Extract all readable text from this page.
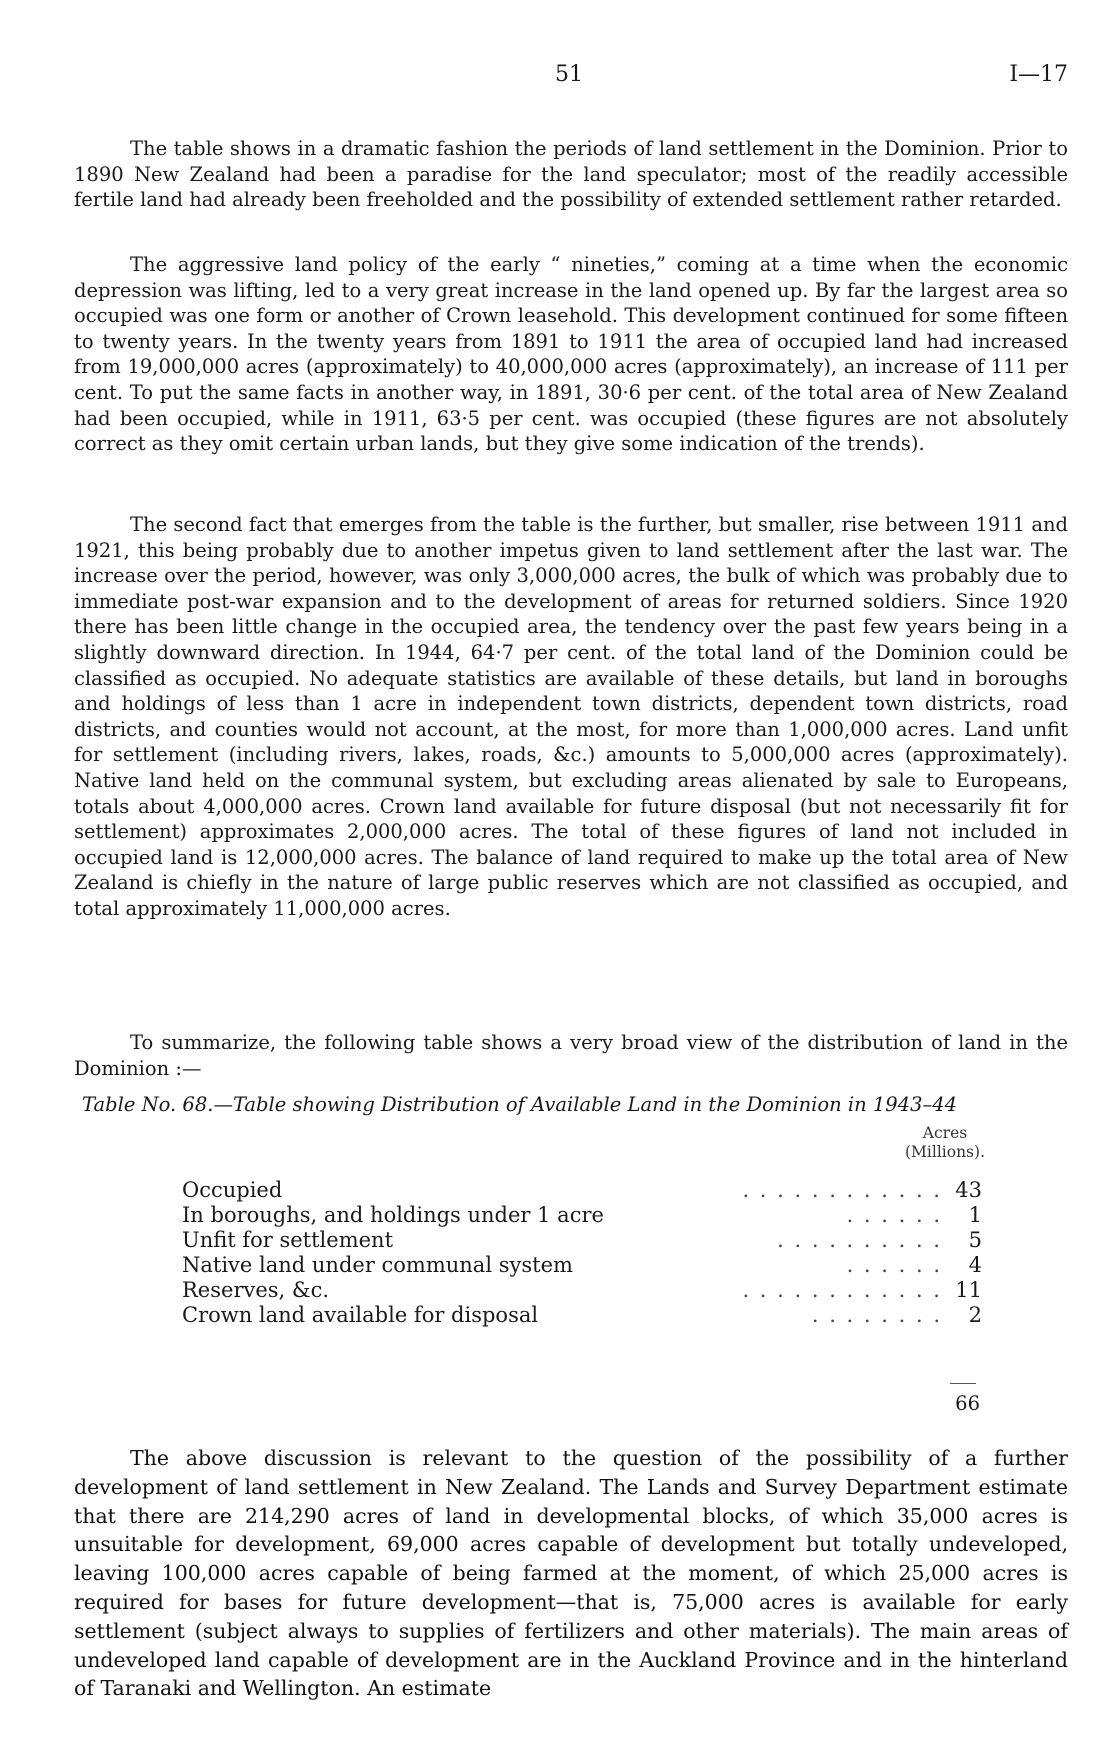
51	I—17

The table shows in a dramatic fashion the periods of land settlement in the Dominion. Prior to 1890 New Zealand had been a paradise for the land speculator; most of the readily accessible fertile land had already been freeholded and the possibility of extended settlement rather retarded.

The aggressive land policy of the early “ nineties,” coming at a time when the economic depression was lifting, led to a very great increase in the land opened up. By far the largest area so occupied was one form or another of Crown leasehold. This development continued for some fifteen to twenty years. In the twenty years from 1891 to 1911 the area of occupied land had increased from 19,000,000 acres (approximately) to 40,000,000 acres (approximately), an increase of 111 per cent. To put the same facts in another way, in 1891, 30·6 per cent. of the total area of New Zealand had been occupied, while in 1911, 63·5 per cent. was occupied (these figures are not absolutely correct as they omit certain urban lands, but they give some indication of the trends).

The second fact that emerges from the table is the further, but smaller, rise between 1911 and 1921, this being probably due to another impetus given to land settlement after the last war. The increase over the period, however, was only 3,000,000 acres, the bulk of which was probably due to immediate post-war expansion and to the development of areas for returned soldiers. Since 1920 there has been little change in the occupied area, the tendency over the past few years being in a slightly downward direction. In 1944, 64·7 per cent. of the total land of the Dominion could be classified as occupied. No adequate statistics are available of these details, but land in boroughs and holdings of less than 1 acre in independent town districts, dependent town districts, road districts, and counties would not account, at the most, for more than 1,000,000 acres. Land unfit for settlement (including rivers, lakes, roads, &c.) amounts to 5,000,000 acres (approximately). Native land held on the communal system, but excluding areas alienated by sale to Europeans, totals about 4,000,000 acres. Crown land available for future disposal (but not necessarily fit for settlement) approximates 2,000,000 acres. The total of these figures of land not included in occupied land is 12,000,000 acres. The balance of land required to make up the total area of New Zealand is chiefly in the nature of large public reserves which are not classified as occupied, and total approximately 11,000,000 acres.

To summarize, the following table shows a very broad view of the distribution of land in the Dominion :—

Table No. 68.—Table showing Distribution of Available Land in the Dominion in 1943–44
Acres
(Millions).
. . . . . . . . . . . .
Occupied	43
. . . . . .
In boroughs, and holdings under 1 acre	1
. . . . . . . . . .
Unfit for settlement	5
. . . . . .
Native land under communal system	4
. . . . . . . . . . . .
Reserves, &c.	11
. . . . . . . .
Crown land available for disposal	2
66

The above discussion is relevant to the question of the possibility of a further development of land settlement in New Zealand. The Lands and Survey Department estimate that there are 214,290 acres of land in developmental blocks, of which 35,000 acres is unsuitable for development, 69,000 acres capable of development but totally undeveloped, leaving 100,000 acres capable of being farmed at the moment, of which 25,000 acres is required for bases for future development—that is, 75,000 acres is available for early settlement (subject always to supplies of fertilizers and other materials). The main areas of undeveloped land capable of development are in the Auckland Province and in the hinterland of Taranaki and Wellington. An estimate
